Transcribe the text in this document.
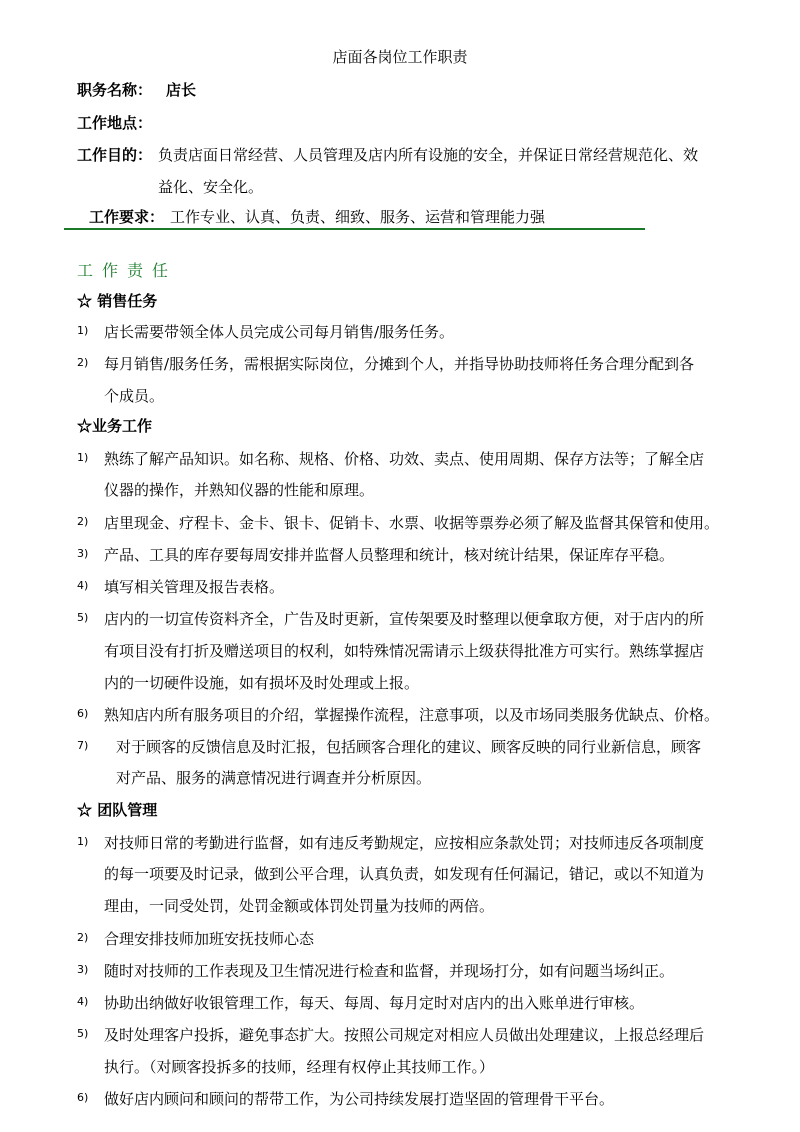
店面各岗位工作职责
职务名称： 店长
工作地点：
工作目的： 负责店面日常经营、人员管理及店内所有设施的安全，并保证日常经营规范化、效
益化、安全化。
工作要求： 工作专业、认真、负责、细致、服务、运营和管理能力强
工作责任
☆ 销售任务
1) 店长需要带领全体人员完成公司每月销售/服务任务。
2) 每月销售/服务任务，需根据实际岗位，分摊到个人，并指导协助技师将任务合理分配到各
个成员。
☆业务工作
1) 熟练了解产品知识。如名称、规格、价格、功效、卖点、使用周期、保存方法等；了解全店
仪器的操作，并熟知仪器的性能和原理。
2) 店里现金、疗程卡、金卡、银卡、促销卡、水票、收据等票券必须了解及监督其保管和使用。
3) 产品、工具的库存要每周安排并监督人员整理和统计，核对统计结果，保证库存平稳。
4) 填写相关管理及报告表格。
5) 店内的一切宣传资料齐全，广告及时更新，宣传架要及时整理以便拿取方便，对于店内的所
有项目没有打折及赠送项目的权利，如特殊情况需请示上级获得批准方可实行。熟练掌握店
内的一切硬件设施，如有损坏及时处理或上报。
6) 熟知店内所有服务项目的介绍，掌握操作流程，注意事项，以及市场同类服务优缺点、价格。
7) 对于顾客的反馈信息及时汇报，包括顾客合理化的建议、顾客反映的同行业新信息，顾客
对产品、服务的满意情况进行调查并分析原因。
☆ 团队管理
1) 对技师日常的考勤进行监督，如有违反考勤规定，应按相应条款处罚；对技师违反各项制度
的每一项要及时记录，做到公平合理，认真负责，如发现有任何漏记，错记，或以不知道为
理由，一同受处罚，处罚金额或体罚处罚量为技师的两倍。
2) 合理安排技师加班安抚技师心态
3) 随时对技师的工作表现及卫生情况进行检查和监督，并现场打分，如有问题当场纠正。
4) 协助出纳做好收银管理工作，每天、每周、每月定时对店内的出入账单进行审核。
5) 及时处理客户投拆，避免事态扩大。按照公司规定对相应人员做出处理建议，上报总经理后
执行。（对顾客投拆多的技师，经理有权停止其技师工作。）
6) 做好店内顾问和顾问的帮带工作，为公司持续发展打造坚固的管理骨干平台。
